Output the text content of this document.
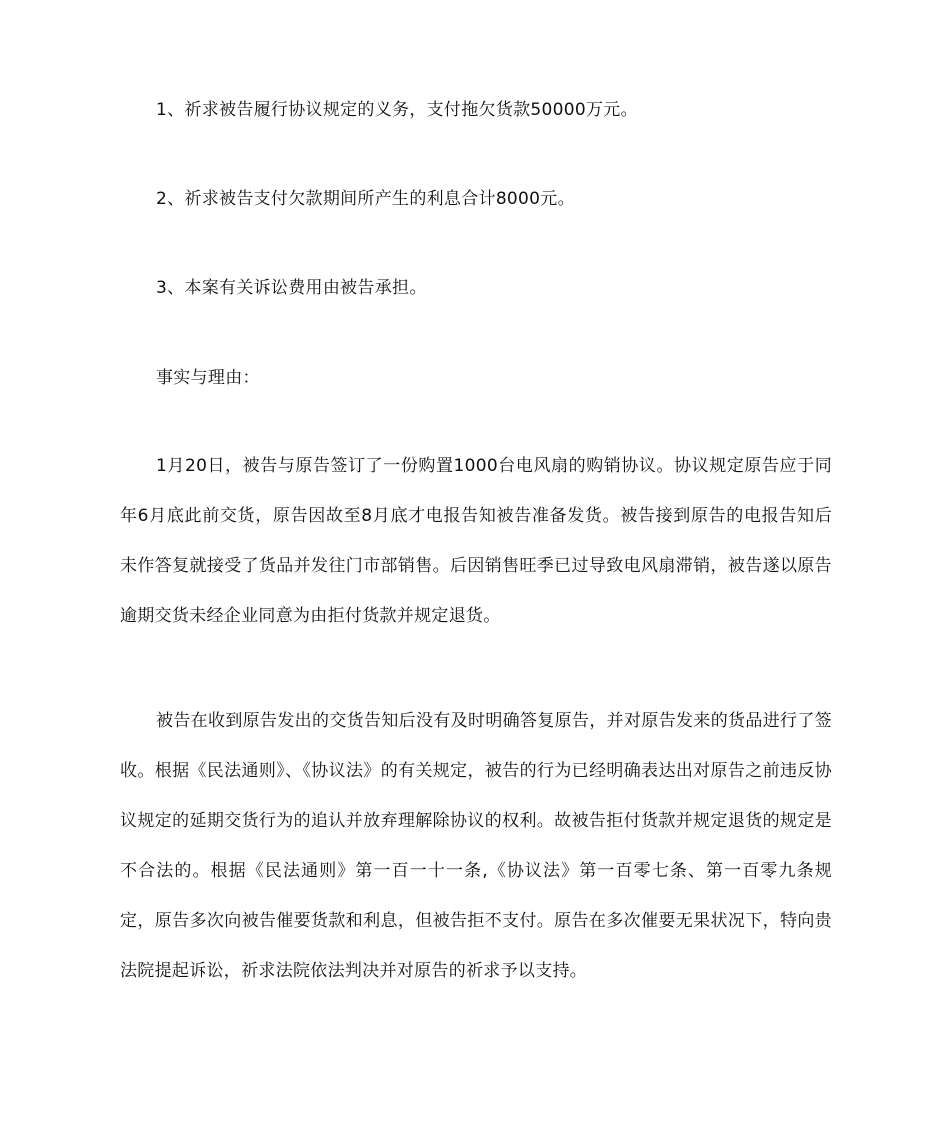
1、祈求被告履行协议规定的义务，支付拖欠货款50000万元。

2、祈求被告支付欠款期间所产生的利息合计8000元。

3、本案有关诉讼费用由被告承担。

事实与理由：

1月20日，被告与原告签订了一份购置1000台电风扇的购销协议。协议规定原告应于同年6月底此前交货，原告因故至8月底才电报告知被告准备发货。被告接到原告的电报告知后未作答复就接受了货品并发往门市部销售。后因销售旺季已过导致电风扇滞销，被告遂以原告逾期交货未经企业同意为由拒付货款并规定退货。

被告在收到原告发出的交货告知后没有及时明确答复原告，并对原告发来的货品进行了签收。根据《民法通则》、《协议法》的有关规定，被告的行为已经明确表达出对原告之前违反协议规定的延期交货行为的追认并放弃理解除协议的权利。故被告拒付货款并规定退货的规定是不合法的。根据《民法通则》第一百一十一条,《协议法》第一百零七条、第一百零九条规定，原告多次向被告催要货款和利息，但被告拒不支付。原告在多次催要无果状况下，特向贵法院提起诉讼，祈求法院依法判决并对原告的祈求予以支持。
